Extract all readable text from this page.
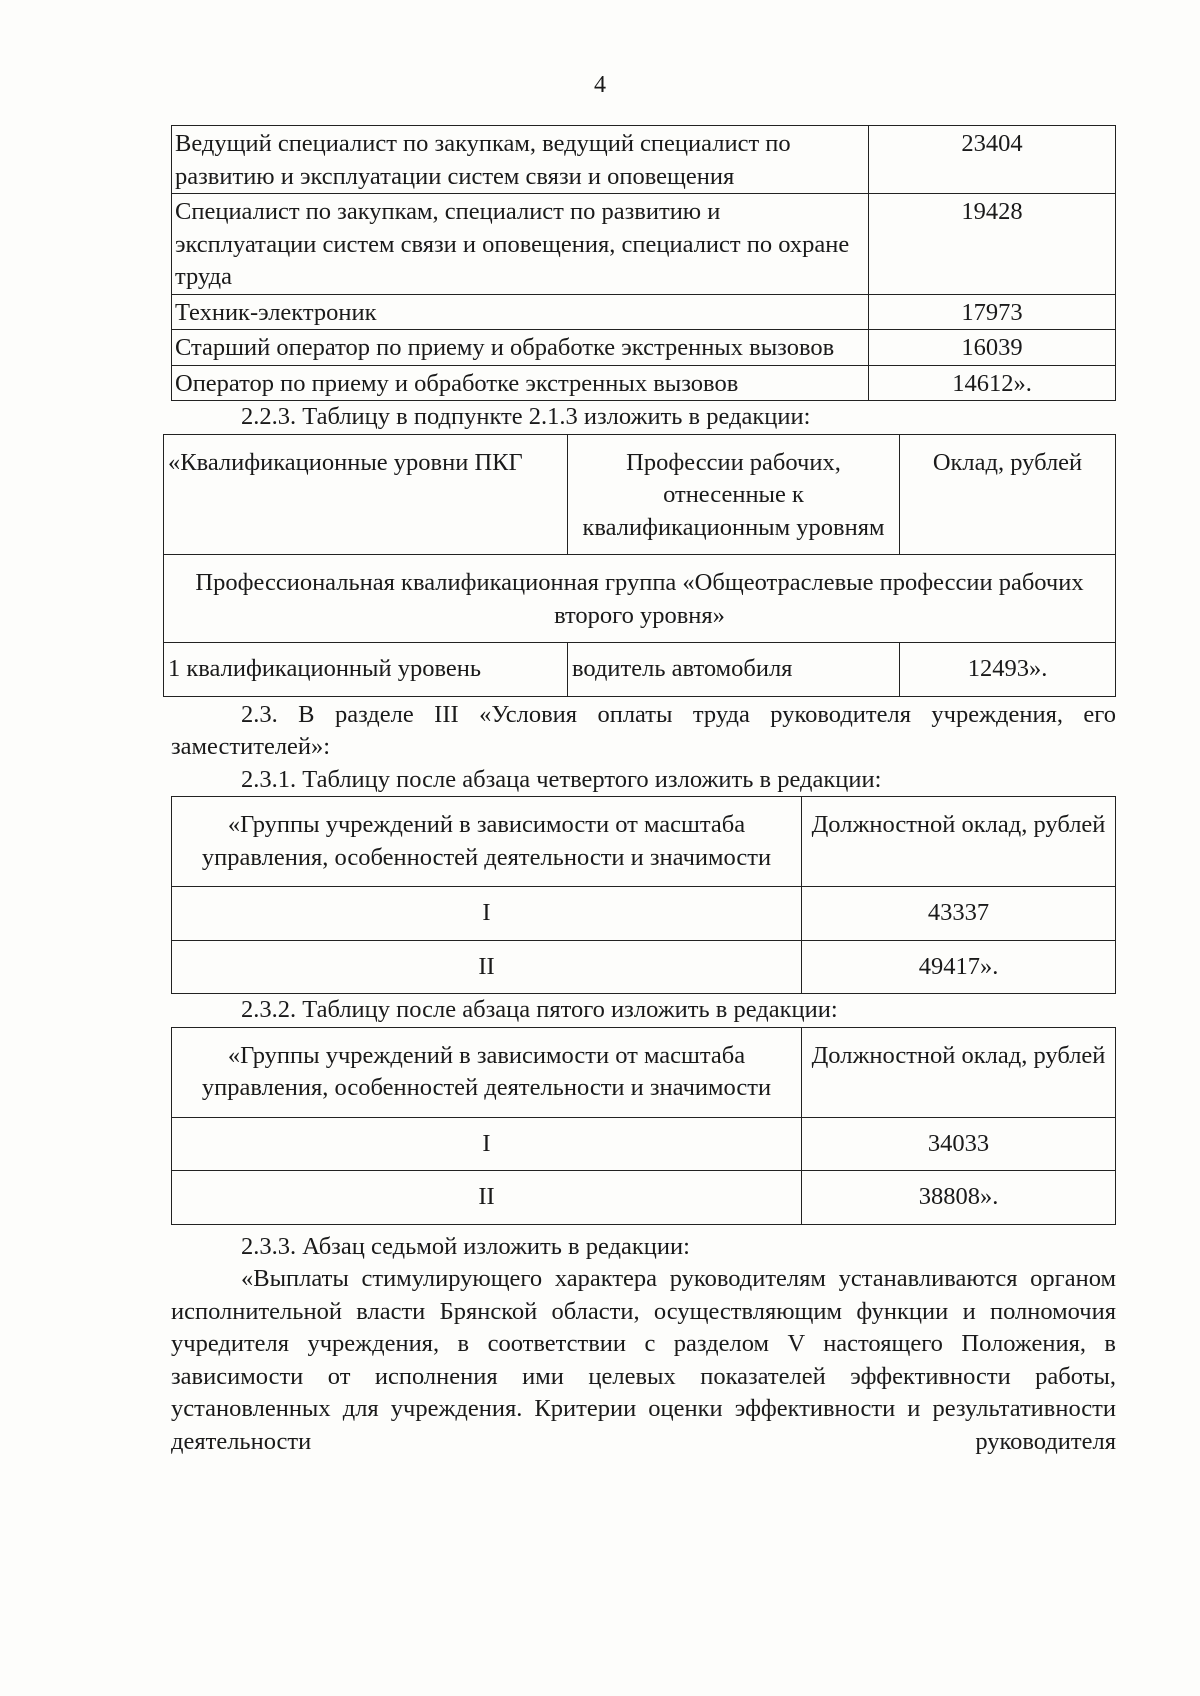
4
Ведущий специалист по закупкам, ведущий специалист по развитию и эксплуатации систем связи и оповещения	23404
Специалист по закупкам, специалист по развитию и эксплуатации систем связи и оповещения, специалист по охране труда	19428
Техник-электроник	17973
Старший оператор по приему и обработке экстренных вызовов	16039
Оператор по приему и обработке экстренных вызовов	14612».

2.2.3. Таблицу в подпункте 2.1.3 изложить в редакции:

«Квалификационные уровни ПКГ	Профессии рабочих, отнесенные к квалификационным уровням	Оклад, рублей
Профессиональная квалификационная группа «Общеотраслевые профессии рабочих второго уровня»		
1 квалификационный уровень	водитель автомобиля	12493».

2.3. В разделе III «Условия оплаты труда руководителя учреждения, его заместителей»:

2.3.1. Таблицу после абзаца четвертого изложить в редакции:

«Группы учреждений в зависимости от масштаба управления, особенностей деятельности и значимости	Должностной оклад, рублей
I	43337
II	49417».

2.3.2. Таблицу после абзаца пятого изложить в редакции:

«Группы учреждений в зависимости от масштаба управления, особенностей деятельности и значимости	Должностной оклад, рублей
I	34033
II	38808».

2.3.3. Абзац седьмой изложить в редакции:

«Выплаты стимулирующего характера руководителям устанавливаются органом исполнительной власти Брянской области, осуществляющим функции и полномочия учредителя учреждения, в соответствии с разделом V настоящего Положения, в зависимости от исполнения ими целевых показателей эффективности работы, установленных для учреждения. Критерии оценки эффективности и результативности деятельности руководителя
